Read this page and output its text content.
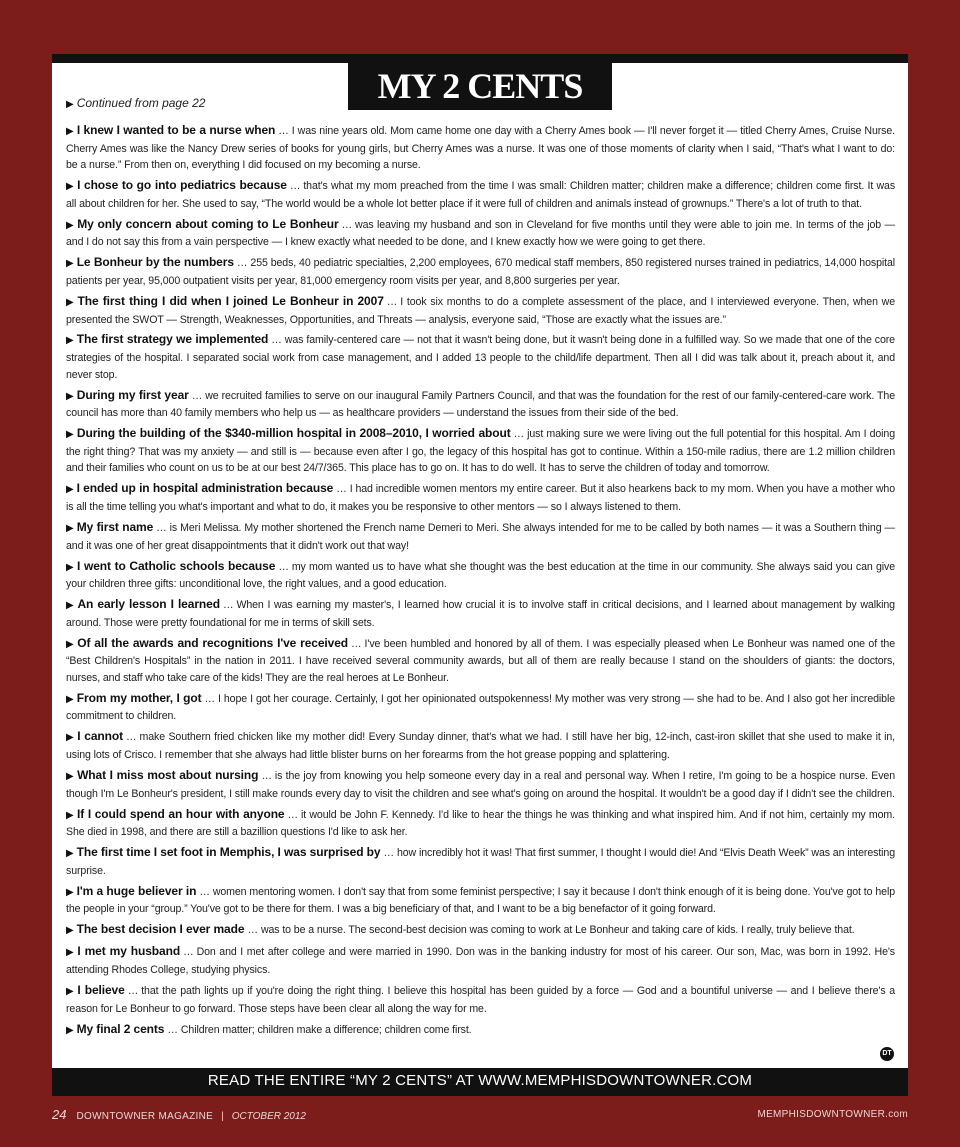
MY 2 CENTS
▶ Continued from page 22

▶ I knew I wanted to be a nurse when … I was nine years old. Mom came home one day with a Cherry Ames book — I'll never forget it — titled Cherry Ames, Cruise Nurse. Cherry Ames was like the Nancy Drew series of books for young girls, but Cherry Ames was a nurse. It was one of those moments of clarity when I said, “That's what I want to do: be a nurse.” From then on, everything I did focused on my becoming a nurse.

▶ I chose to go into pediatrics because … that's what my mom preached from the time I was small: Children matter; children make a difference; children come first. It was all about children for her. She used to say, “The world would be a whole lot better place if it were full of children and animals instead of grownups.” There's a lot of truth to that.

▶ My only concern about coming to Le Bonheur … was leaving my husband and son in Cleveland for five months until they were able to join me. In terms of the job — and I do not say this from a vain perspective — I knew exactly what needed to be done, and I knew exactly how we were going to get there.

▶ Le Bonheur by the numbers … 255 beds, 40 pediatric specialties, 2,200 employees, 670 medical staff members, 850 registered nurses trained in pediatrics, 14,000 hospital patients per year, 95,000 outpatient visits per year, 81,000 emergency room visits per year, and 8,800 surgeries per year.

▶ The first thing I did when I joined Le Bonheur in 2007 … I took six months to do a complete assessment of the place, and I interviewed everyone. Then, when we presented the SWOT — Strength, Weaknesses, Opportunities, and Threats — analysis, everyone said, “Those are exactly what the issues are.”

▶ The first strategy we implemented … was family-centered care — not that it wasn't being done, but it wasn't being done in a fulfilled way. So we made that one of the core strategies of the hospital. I separated social work from case management, and I added 13 people to the child/life department. Then all I did was talk about it, preach about it, and never stop.

▶ During my first year … we recruited families to serve on our inaugural Family Partners Council, and that was the foundation for the rest of our family-centered-care work. The council has more than 40 family members who help us — as healthcare providers — understand the issues from their side of the bed.

▶ During the building of the $340-million hospital in 2008–2010, I worried about … just making sure we were living out the full potential for this hospital. Am I doing the right thing? That was my anxiety — and still is — because even after I go, the legacy of this hospital has got to continue. Within a 150-mile radius, there are 1.2 million children and their families who count on us to be at our best 24/7/365. This place has to go on. It has to do well. It has to serve the children of today and tomorrow.

▶ I ended up in hospital administration because … I had incredible women mentors my entire career. But it also hearkens back to my mom. When you have a mother who is all the time telling you what's important and what to do, it makes you be responsive to other mentors — so I always listened to them.

▶ My first name … is Meri Melissa. My mother shortened the French name Demeri to Meri. She always intended for me to be called by both names — it was a Southern thing — and it was one of her great disappointments that it didn't work out that way!

▶ I went to Catholic schools because … my mom wanted us to have what she thought was the best education at the time in our community. She always said you can give your children three gifts: unconditional love, the right values, and a good education.

▶ An early lesson I learned … When I was earning my master's, I learned how crucial it is to involve staff in critical decisions, and I learned about management by walking around. Those were pretty foundational for me in terms of skill sets.

▶ Of all the awards and recognitions I've received … I've been humbled and honored by all of them. I was especially pleased when Le Bonheur was named one of the “Best Children's Hospitals” in the nation in 2011. I have received several community awards, but all of them are really because I stand on the shoulders of giants: the doctors, nurses, and staff who take care of the kids! They are the real heroes at Le Bonheur.

▶ From my mother, I got … I hope I got her courage. Certainly, I got her opinionated outspokenness! My mother was very strong — she had to be. And I also got her incredible commitment to children.

▶ I cannot … make Southern fried chicken like my mother did! Every Sunday dinner, that's what we had. I still have her big, 12-inch, cast-iron skillet that she used to make it in, using lots of Crisco. I remember that she always had little blister burns on her forearms from the hot grease popping and splattering.

▶ What I miss most about nursing … is the joy from knowing you help someone every day in a real and personal way. When I retire, I'm going to be a hospice nurse. Even though I'm Le Bonheur's president, I still make rounds every day to visit the children and see what's going on around the hospital. It wouldn't be a good day if I didn't see the children.

▶ If I could spend an hour with anyone … it would be John F. Kennedy. I'd like to hear the things he was thinking and what inspired him. And if not him, certainly my mom. She died in 1998, and there are still a bazillion questions I'd like to ask her.

▶ The first time I set foot in Memphis, I was surprised by … how incredibly hot it was! That first summer, I thought I would die! And “Elvis Death Week” was an interesting surprise.

▶ I'm a huge believer in … women mentoring women. I don't say that from some feminist perspective; I say it because I don't think enough of it is being done. You've got to help the people in your “group.” You've got to be there for them. I was a big beneficiary of that, and I want to be a big benefactor of it going forward.

▶ The best decision I ever made … was to be a nurse. The second-best decision was coming to work at Le Bonheur and taking care of kids. I really, truly believe that.

▶ I met my husband … Don and I met after college and were married in 1990. Don was in the banking industry for most of his career. Our son, Mac, was born in 1992. He's attending Rhodes College, studying physics.

▶ I believe … that the path lights up if you're doing the right thing. I believe this hospital has been guided by a force — God and a bountiful universe — and I believe there's a reason for Le Bonheur to go forward. Those steps have been clear all along the way for me.

▶ My final 2 cents … Children matter; children make a difference; children come first.

DT
READ THE ENTIRE “MY 2 CENTS” AT WWW.MEMPHISDOWNTOWNER.COM
24 DOWNTOWNER MAGAZINE | OCTOBER 2012	MEMPHISDOWNTOWNER.com
